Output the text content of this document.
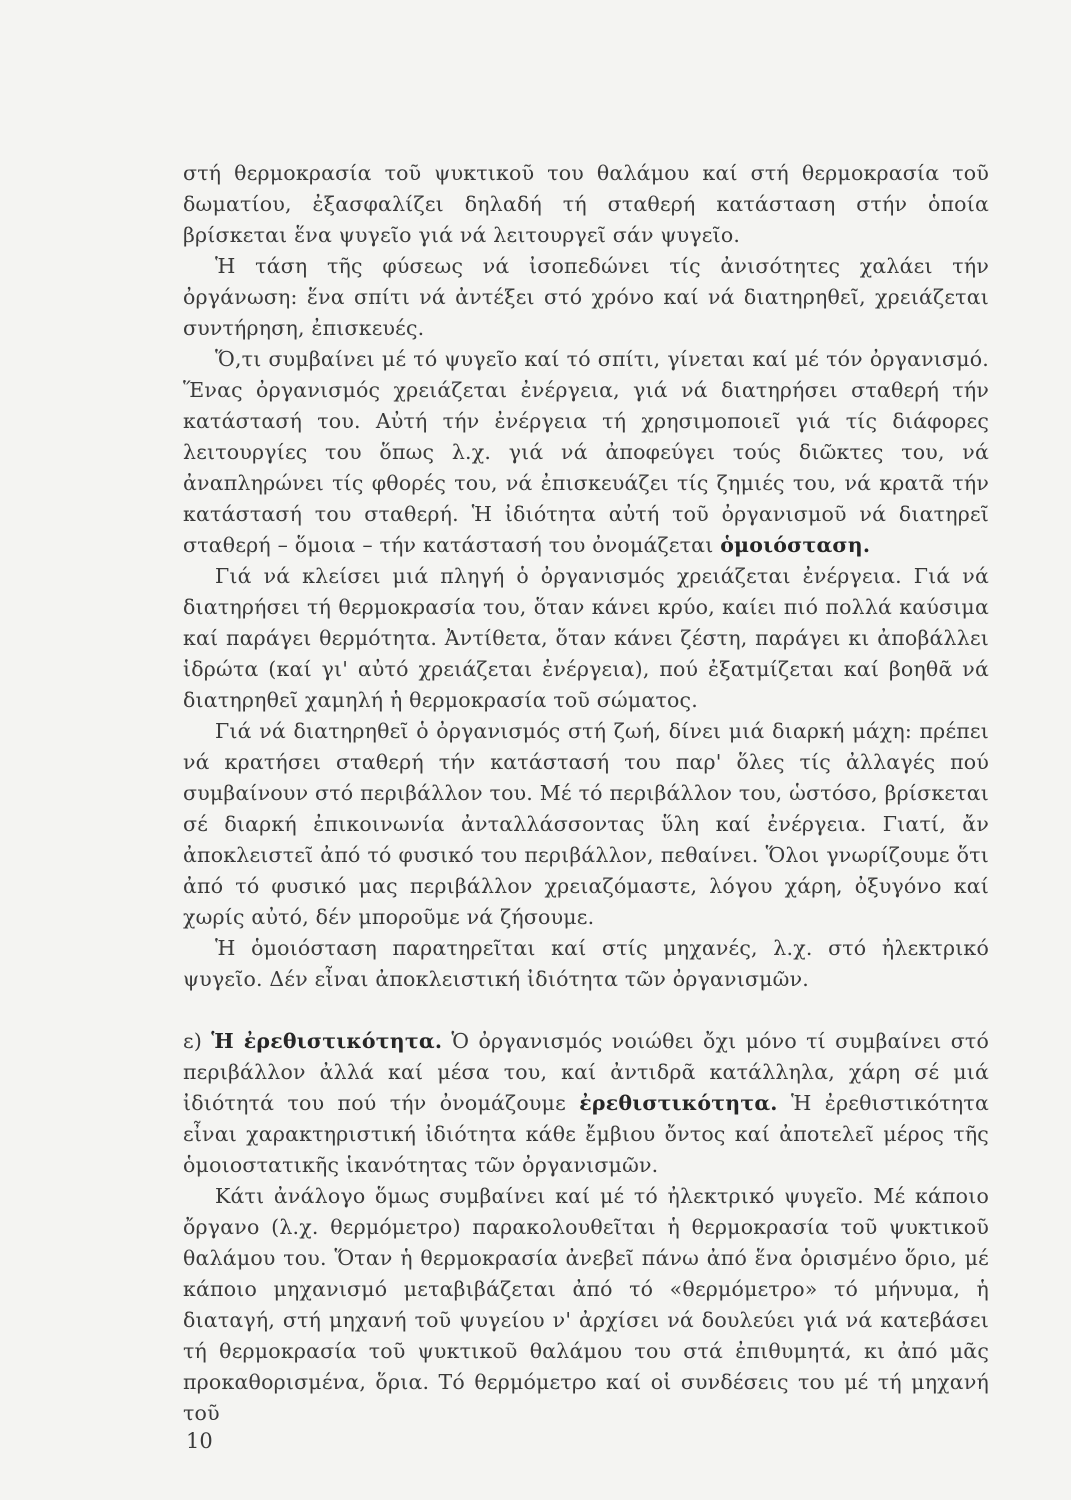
στή θερμοκρασία τοῦ ψυκτικοῦ του θαλάμου καί στή θερμοκρασία τοῦ δωματίου, ἐξασφαλίζει δηλαδή τή σταθερή κατάσταση στήν ὁποία βρίσκεται ἕνα ψυγεῖο γιά νά λειτουργεῖ σάν ψυγεῖο.

Ἡ τάση τῆς φύσεως νά ἰσοπεδώνει τίς ἀνισότητες χαλάει τήν ὀργάνωση: ἕνα σπίτι νά ἀντέξει στό χρόνο καί νά διατηρηθεῖ, χρειάζεται συντήρηση, ἐπισκευές.

Ὅ,τι συμβαίνει μέ τό ψυγεῖο καί τό σπίτι, γίνεται καί μέ τόν ὀργανισμό. Ἕνας ὀργανισμός χρειάζεται ἐνέργεια, γιά νά διατηρήσει σταθερή τήν κατάστασή του. Αὐτή τήν ἐνέργεια τή χρησιμοποιεῖ γιά τίς διάφορες λειτουργίες του ὅπως λ.χ. γιά νά ἀποφεύγει τούς διῶκτες του, νά ἀναπληρώνει τίς φθορές του, νά ἐπισκευάζει τίς ζημιές του, νά κρατᾶ τήν κατάστασή του σταθερή. Ἡ ἰδιότητα αὐτή τοῦ ὀργανισμοῦ νά διατηρεῖ σταθερή – ὅμοια – τήν κατάστασή του ὀνομάζεται ὁμοιόσταση.

Γιά νά κλείσει μιά πληγή ὁ ὀργανισμός χρειάζεται ἐνέργεια. Γιά νά διατηρήσει τή θερμοκρασία του, ὅταν κάνει κρύο, καίει πιό πολλά καύσιμα καί παράγει θερμότητα. Ἀντίθετα, ὅταν κάνει ζέστη, παράγει κι ἀποβάλλει ἱδρώτα (καί γι' αὐτό χρειάζεται ἐνέργεια), πού ἐξατμίζεται καί βοηθᾶ νά διατηρηθεῖ χαμηλή ἡ θερμοκρασία τοῦ σώματος.

Γιά νά διατηρηθεῖ ὁ ὀργανισμός στή ζωή, δίνει μιά διαρκή μάχη: πρέπει νά κρατήσει σταθερή τήν κατάστασή του παρ' ὅλες τίς ἀλλαγές πού συμβαίνουν στό περιβάλλον του. Μέ τό περιβάλλον του, ὡστόσο, βρίσκεται σέ διαρκή ἐπικοινωνία ἀνταλλάσσοντας ὕλη καί ἐνέργεια. Γιατί, ἄν ἀποκλειστεῖ ἀπό τό φυσικό του περιβάλλον, πεθαίνει. Ὅλοι γνωρίζουμε ὅτι ἀπό τό φυσικό μας περιβάλλον χρειαζόμαστε, λόγου χάρη, ὀξυγόνο καί χωρίς αὐτό, δέν μποροῦμε νά ζήσουμε.

Ἡ ὁμοιόσταση παρατηρεῖται καί στίς μηχανές, λ.χ. στό ἠλεκτρικό ψυγεῖο. Δέν εἶναι ἀποκλειστική ἰδιότητα τῶν ὀργανισμῶν.

ε) Ἡ ἐρεθιστικότητα. Ὁ ὀργανισμός νοιώθει ὄχι μόνο τί συμβαίνει στό περιβάλλον ἀλλά καί μέσα του, καί ἀντιδρᾶ κατάλληλα, χάρη σέ μιά ἰδιότητά του πού τήν ὀνομάζουμε ἐρεθιστικότητα. Ἡ ἐρεθιστικότητα εἶναι χαρακτηριστική ἰδιότητα κάθε ἔμβιου ὄντος καί ἀποτελεῖ μέρος τῆς ὁμοιοστατικῆς ἱκανότητας τῶν ὀργανισμῶν.

Κάτι ἀνάλογο ὅμως συμβαίνει καί μέ τό ἠλεκτρικό ψυγεῖο. Μέ κάποιο ὄργανο (λ.χ. θερμόμετρο) παρακολουθεῖται ἡ θερμοκρασία τοῦ ψυκτικοῦ θαλάμου του. Ὅταν ἡ θερμοκρασία ἀνεβεῖ πάνω ἀπό ἕνα ὁρισμένο ὅριο, μέ κάποιο μηχανισμό μεταβιβάζεται ἀπό τό «θερμόμετρο» τό μήνυμα, ἡ διαταγή, στή μηχανή τοῦ ψυγείου ν' ἀρχίσει νά δουλεύει γιά νά κατεβάσει τή θερμοκρασία τοῦ ψυκτικοῦ θαλάμου του στά ἐπιθυμητά, κι ἀπό μᾶς προκαθορισμένα, ὅρια. Τό θερμόμετρο καί οἱ συνδέσεις του μέ τή μηχανή τοῦ

10
